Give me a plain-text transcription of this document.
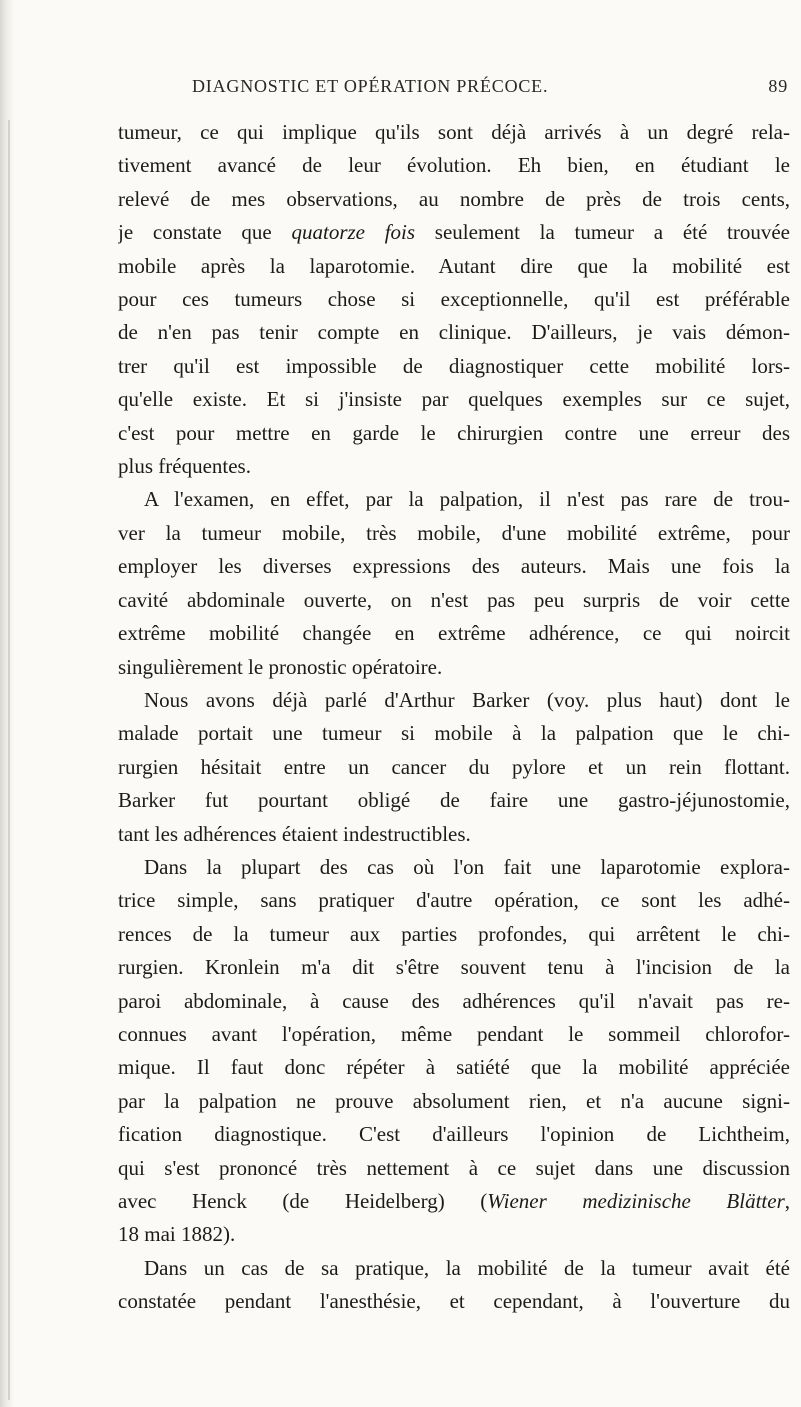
DIAGNOSTIC ET OPÉRATION PRÉCOCE.	89
tumeur, ce qui implique qu'ils sont déjà arrivés à un degré rela-
tivement avancé de leur évolution. Eh bien, en étudiant le
relevé de mes observations, au nombre de près de trois cents,
je constate que quatorze fois seulement la tumeur a été trouvée
mobile après la laparotomie. Autant dire que la mobilité est
pour ces tumeurs chose si exceptionnelle, qu'il est préférable
de n'en pas tenir compte en clinique. D'ailleurs, je vais démon-
trer qu'il est impossible de diagnostiquer cette mobilité lors-
qu'elle existe. Et si j'insiste par quelques exemples sur ce sujet,
c'est pour mettre en garde le chirurgien contre une erreur des
plus fréquentes.
A l'examen, en effet, par la palpation, il n'est pas rare de trou-
ver la tumeur mobile, très mobile, d'une mobilité extrême, pour
employer les diverses expressions des auteurs. Mais une fois la
cavité abdominale ouverte, on n'est pas peu surpris de voir cette
extrême mobilité changée en extrême adhérence, ce qui noircit
singulièrement le pronostic opératoire.
Nous avons déjà parlé d'Arthur Barker (voy. plus haut) dont le
malade portait une tumeur si mobile à la palpation que le chi-
rurgien hésitait entre un cancer du pylore et un rein flottant.
Barker fut pourtant obligé de faire une gastro-jéjunostomie,
tant les adhérences étaient indestructibles.
Dans la plupart des cas où l'on fait une laparotomie explora-
trice simple, sans pratiquer d'autre opération, ce sont les adhé-
rences de la tumeur aux parties profondes, qui arrêtent le chi-
rurgien. Kronlein m'a dit s'être souvent tenu à l'incision de la
paroi abdominale, à cause des adhérences qu'il n'avait pas re-
connues avant l'opération, même pendant le sommeil chlorofor-
mique. Il faut donc répéter à satiété que la mobilité appréciée
par la palpation ne prouve absolument rien, et n'a aucune signi-
fication diagnostique. C'est d'ailleurs l'opinion de Lichtheim,
qui s'est prononcé très nettement à ce sujet dans une discussion
avec Henck (de Heidelberg) (Wiener medizinische Blätter,
18 mai 1882).
Dans un cas de sa pratique, la mobilité de la tumeur avait été
constatée pendant l'anesthésie, et cependant, à l'ouverture du
